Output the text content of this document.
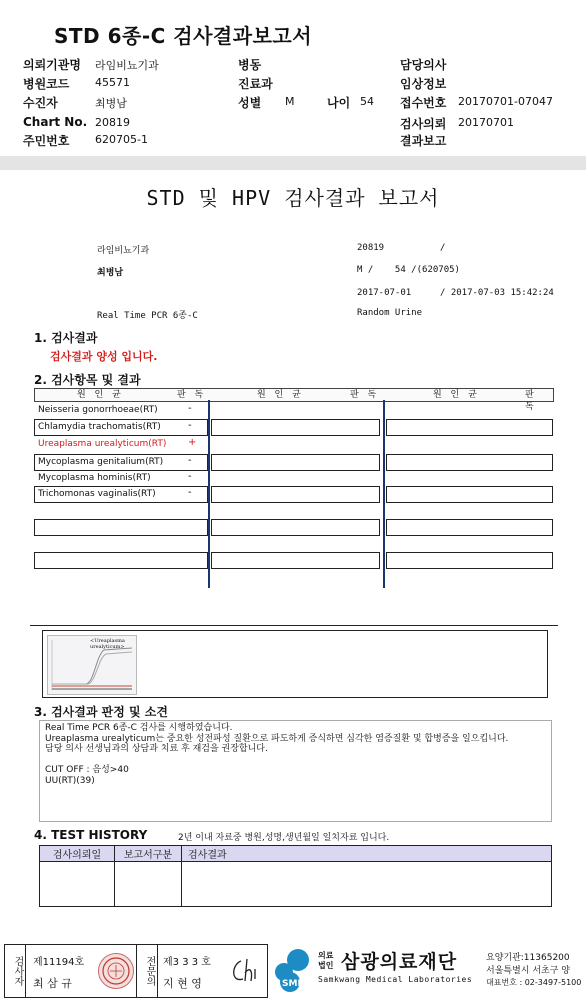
STD 6종-C 검사결과보고서
의뢰기관명 라임비뇨기과	병동	담당의사
병원코드 45571	진료과	임상정보
수진자	최병남	성별 M	나이 54 접수번호 20170701-07047
Chart No. 20819	검사의뢰 20170701
주민번호 620705-1	결과보고
STD 및 HPV 검사결과 보고서
라임비뇨기과	20819	/
최병남	M /    54 /(620705)
2017-07-01	/ 2017-07-03 15:42:24
Real Time PCR 6종-C	Random Urine
1. 검사결과
검사결과 양성 입니다.
2. 검사항목 및 결과
원 인 균	판 독	원 인 균	판 독	원 인 균	판 독
Neisseria gonorrhoeae(RT)	-
Chlamydia trachomatis(RT)	-
Ureaplasma urealyticum(RT) +
Mycoplasma genitalium(RT) -
Mycoplasma hominis(RT)	-
Trichomonas vaginalis(RT)	-
<Ureaplasma
urealyticum>
3. 검사결과 판정 및 소견
Real Time PCR 6종-C 검사를 시행하였습니다.
Ureaplasma urealyticum는 중요한 성전파성 질환으로 파도하게 증식하면 심각한 염증질환 및 합병증을 일으킵니다.
담당 의사 선생님과의 상담과 치료 후 재검을 권장합니다.
CUT OFF : 음성>40
UU(RT)(39)
4. TEST HISTORY	2년 이내 자료중 병원,성명,생년월일 일치자료 입니다.
검사의뢰일	보고서구분	검사결과

검사자	제11194호
최 삼 규	전문의 제3 3 3 호
지 현 영	SML
의료
법인 삼광의료재단
Samkwang Medical Laboratories
요양기관:11365200
서울특별시 서초구 양
대표번호 : 02-3497-5100
